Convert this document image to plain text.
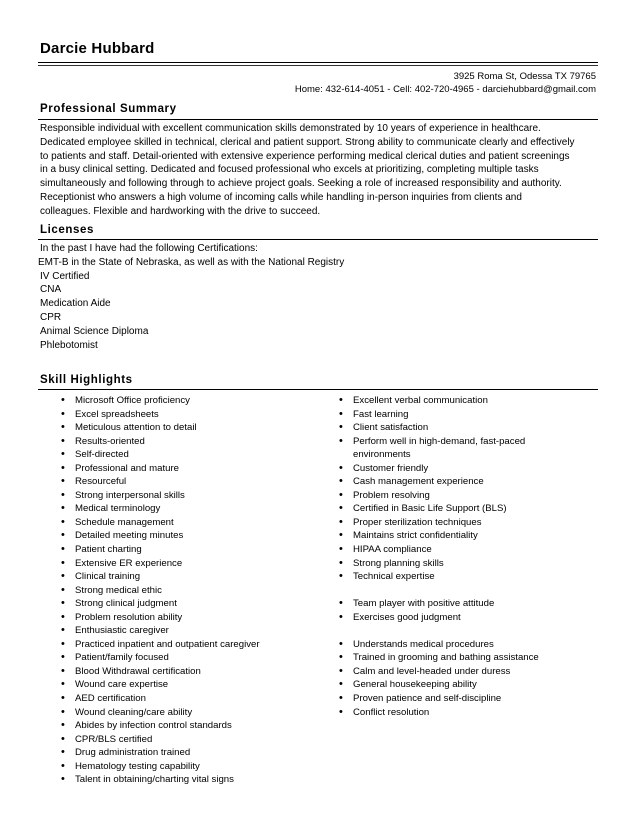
Darcie Hubbard
3925 Roma St, Odessa TX 79765
Home: 432-614-4051 - Cell: 402-720-4965 - darciehubbard@gmail.com
Professional Summary
Responsible individual with excellent communication skills demonstrated by 10 years of experience in healthcare.
Dedicated employee skilled in technical, clerical and patient support. Strong ability to communicate clearly and effectively
to patients and staff. Detail-oriented with extensive experience performing medical clerical duties and patient screenings
in a busy clinical setting. Dedicated and focused professional who excels at prioritizing, completing multiple tasks
simultaneously and following through to achieve project goals. Seeking a role of increased responsibility and authority.
Receptionist who answers a high volume of incoming calls while handling in-person inquiries from clients and
colleagues. Flexible and hardworking with the drive to succeed.
Licenses
In the past I have had the following Certifications:
EMT-B in the State of Nebraska, as well as with the National Registry
IV Certified
CNA
Medication Aide
CPR
Animal Science Diploma
Phlebotomist
Skill Highlights
• Microsoft Office proficiency
• Excel spreadsheets
• Meticulous attention to detail
• Results-oriented
• Self-directed
• Professional and mature
• Resourceful
• Strong interpersonal skills
• Medical terminology
• Schedule management
• Detailed meeting minutes
• Patient charting
• Extensive ER experience
• Clinical training
• Strong medical ethic
• Strong clinical judgment
• Problem resolution ability
• Enthusiastic caregiver
• Practiced inpatient and outpatient caregiver
• Patient/family focused
• Blood Withdrawal certification
• Wound care expertise
• AED certification
• Wound cleaning/care ability
• Abides by infection control standards
• CPR/BLS certified
• Drug administration trained
• Hematology testing capability
• Talent in obtaining/charting vital signs
• Excellent verbal communication
• Fast learning
• Client satisfaction
• Perform well in high-demand, fast-paced
environments
• Customer friendly
• Cash management experience
• Problem resolving
• Certified in Basic Life Support (BLS)
• Proper sterilization techniques
• Maintains strict confidentiality
• HIPAA compliance
• Strong planning skills
• Technical expertise
• Team player with positive attitude
• Exercises good judgment
• Understands medical procedures
• Trained in grooming and bathing assistance
• Calm and level-headed under duress
• General housekeeping ability
• Proven patience and self-discipline
• Conflict resolution
